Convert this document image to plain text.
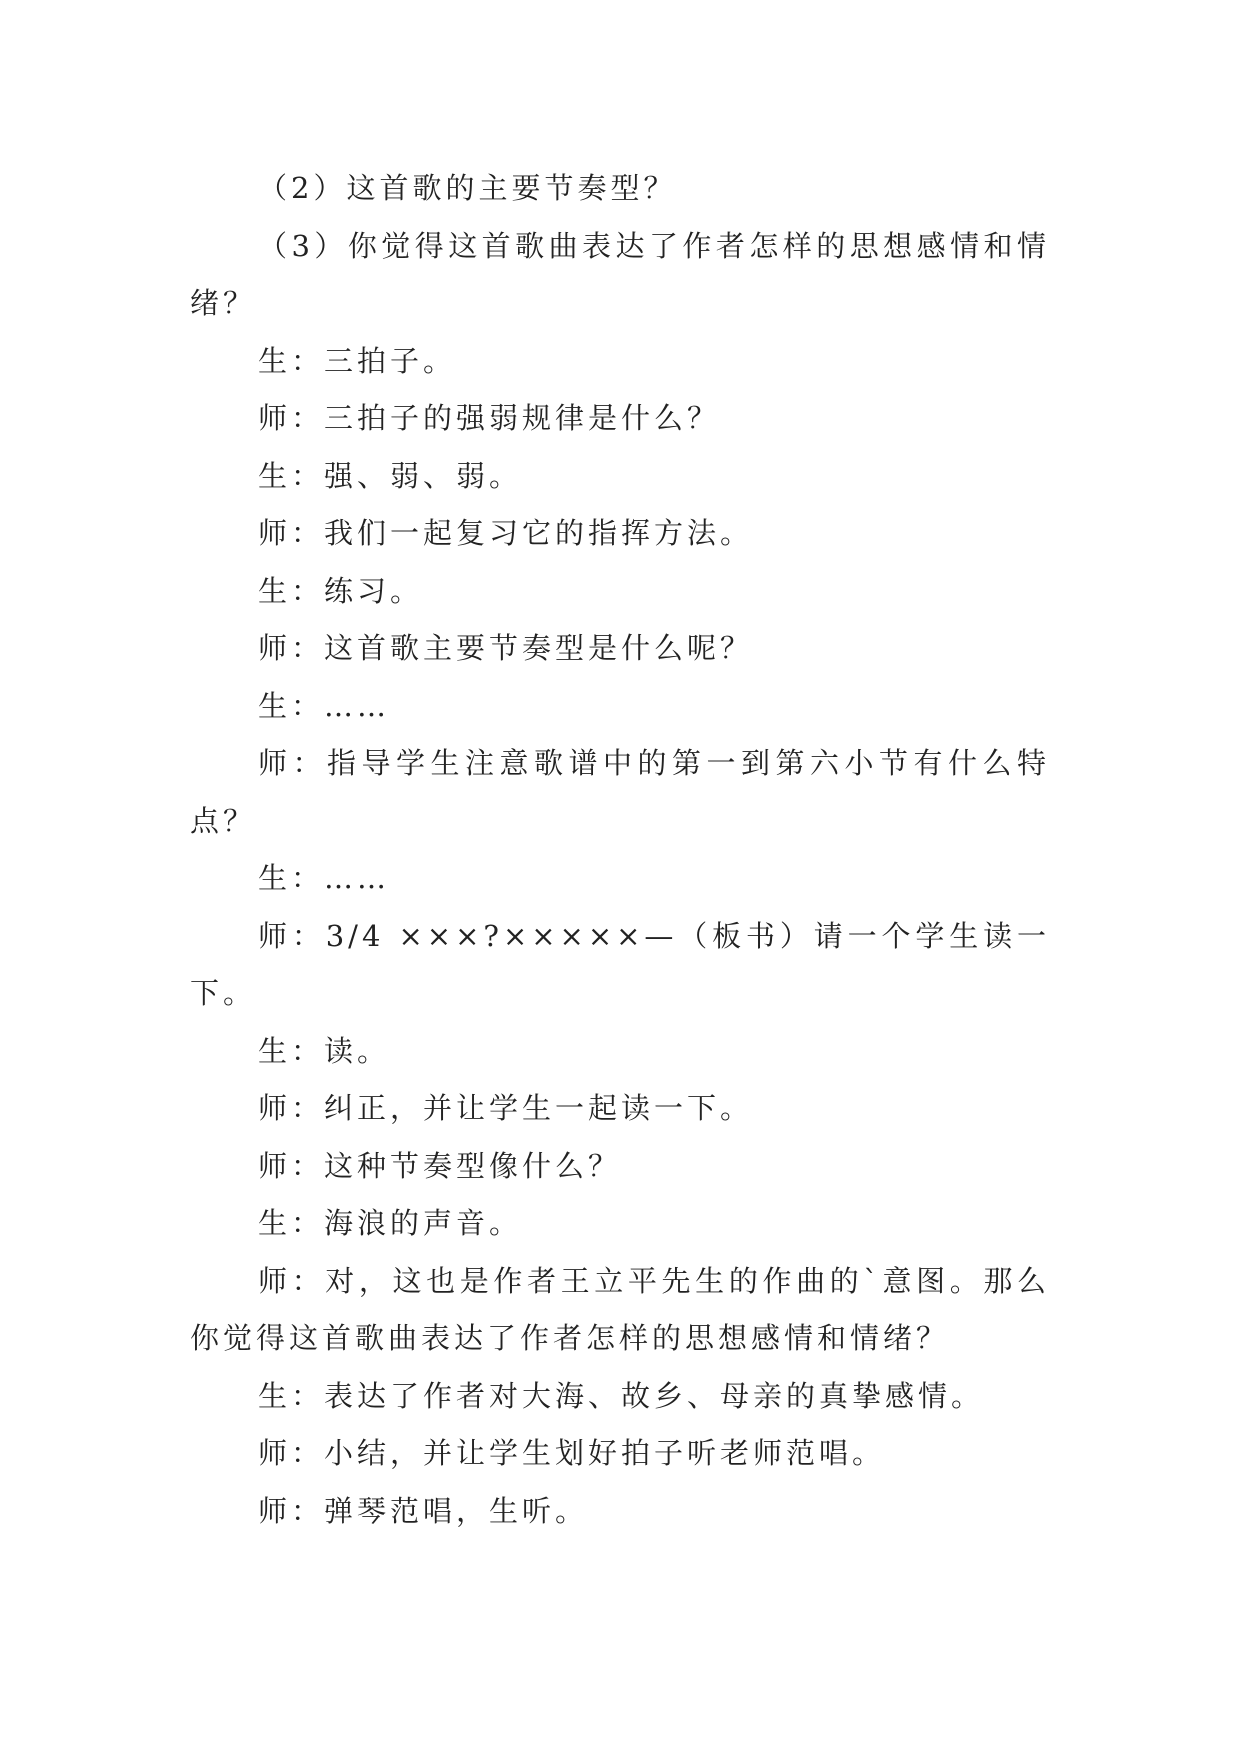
（2）这首歌的主要节奏型？

（3）你觉得这首歌曲表达了作者怎样的思想感情和情绪？

生：三拍子。

师：三拍子的强弱规律是什么？

生：强、弱、弱。

师：我们一起复习它的指挥方法。

生：练习。

师：这首歌主要节奏型是什么呢？

生：……

师：指导学生注意歌谱中的第一到第六小节有什么特点？

生：……

师：3/4 ×××?×××××—（板书）请一个学生读一下。

生：读。

师：纠正，并让学生一起读一下。

师：这种节奏型像什么？

生：海浪的声音。

师：对，这也是作者王立平先生的作曲的`意图。那么你觉得这首歌曲表达了作者怎样的思想感情和情绪？

生：表达了作者对大海、故乡、母亲的真挚感情。

师：小结，并让学生划好拍子听老师范唱。

师：弹琴范唱，生听。
